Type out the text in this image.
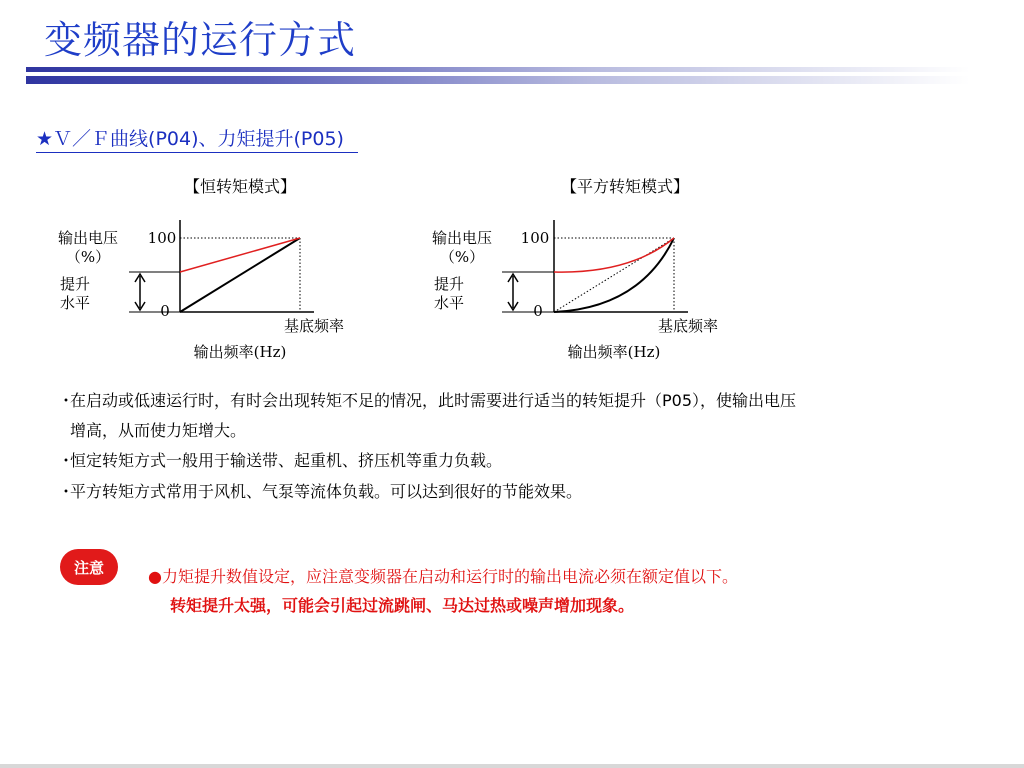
变频器的运行方式
★Ｖ／Ｆ曲线(P04)、力矩提升(P05)
【恒转矩模式】
输出电压
（%）
提升
水平
100
0
基底频率
输出频率(Hz)
【平方转矩模式】
输出电压
（%）
提升
水平
100
0
基底频率
输出频率(Hz)
･在启动或低速运行时，有时会出现转矩不足的情况，此时需要进行适当的转矩提升（P05），使输出电压
增高，从而使力矩增大。
･恒定转矩方式一般用于输送带、起重机、挤压机等重力负载。
･平方转矩方式常用于风机、气泵等流体负载。可以达到很好的节能效果。
注意	●力矩提升数值设定，应注意变频器在启动和运行时的输出电流必须在额定值以下。
转矩提升太强，可能会引起过流跳闸、马达过热或噪声增加现象。
